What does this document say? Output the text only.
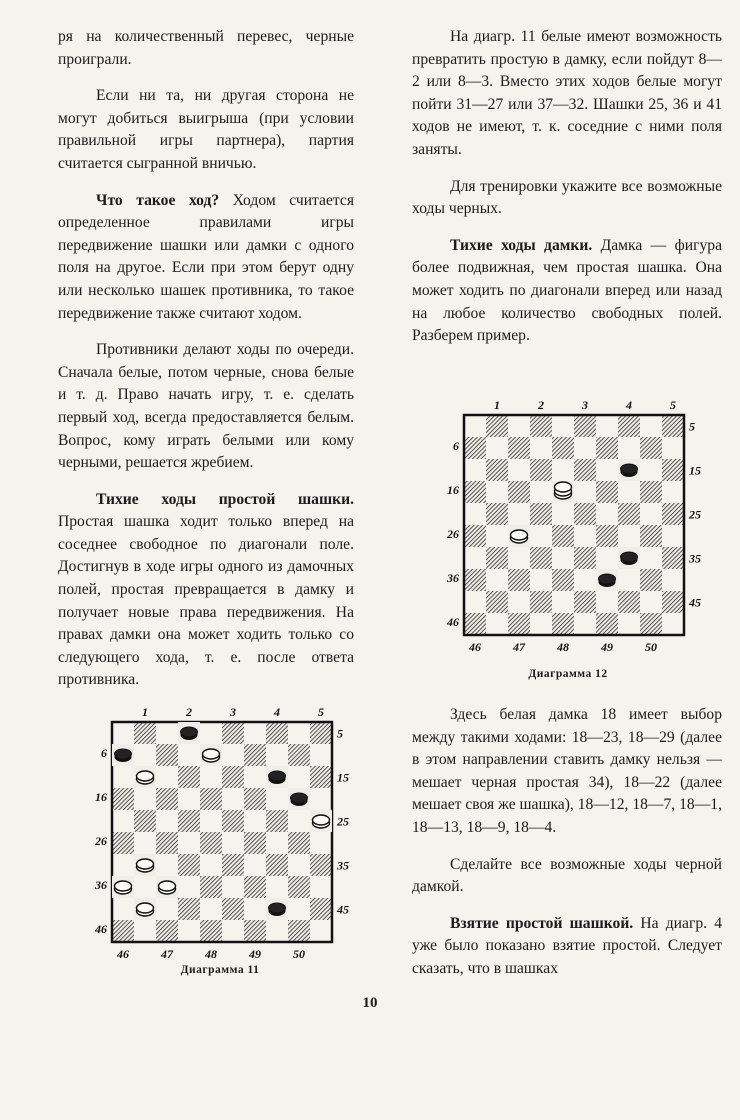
ря на количественный перевес, черные проиграли.

Если ни та, ни другая сторона не могут добиться выигрыша (при условии правильной игры партнера), партия считается сыгранной вничью.

Что такое ход? Ходом считается определенное правилами игры передвижение шашки или дамки с одного поля на другое. Если при этом берут одну или несколько шашек противника, то такое передвижение также считают ходом.

Противники делают ходы по очереди. Сначала белые, потом черные, снова белые и т. д. Право начать игру, т. е. сделать первый ход, всегда предоставляется белым. Вопрос, кому играть белыми или кому черными, решается жребием.

Тихие ходы простой шашки. Простая шашка ходит только вперед на соседнее свободное по диагонали поле. Достигнув в ходе игры одного из дамочных полей, простая превращается в дамку и получает новые права передвижения. На правах дамки она может ходить только со следующего хода, т. е. после ответа противника.

На диагр. 11 белые имеют возможность превратить простую в дамку, если пойдут 8—2 или 8—3. Вместо этих ходов белые могут пойти 31—27 или 37—32. Шашки 25, 36 и 41 ходов не имеют, т. к. соседние с ними поля заняты.

Для тренировки укажите все возможные ходы черных.

Тихие ходы дамки. Дамка — фигура более подвижная, чем простая шашка. Она может ходить по диагонали вперед или назад на любое количество свободных полей. Разберем пример.

Здесь белая дамка 18 имеет выбор между такими ходами: 18—23, 18—29 (далее в этом направлении ставить дамку нельзя — мешает черная простая 34), 18—22 (далее мешает своя же шашка), 18—12, 18—7, 18—1, 18—13, 18—9, 18—4.

Сделайте все возможные ходы черной дамкой.

Взятие простой шашкой. На диагр. 4 уже было показано взятие простой. Следует сказать, что в шашках

1	2	3	4	5
6
16
26
36
46
5
15
25
35
45
46	47	48	49	50
Диаграмма 11
1	2	3	4	5
6
16
26
36
46
5
15
25
35
45
46	47	48	49	50
Диаграмма 12
10
